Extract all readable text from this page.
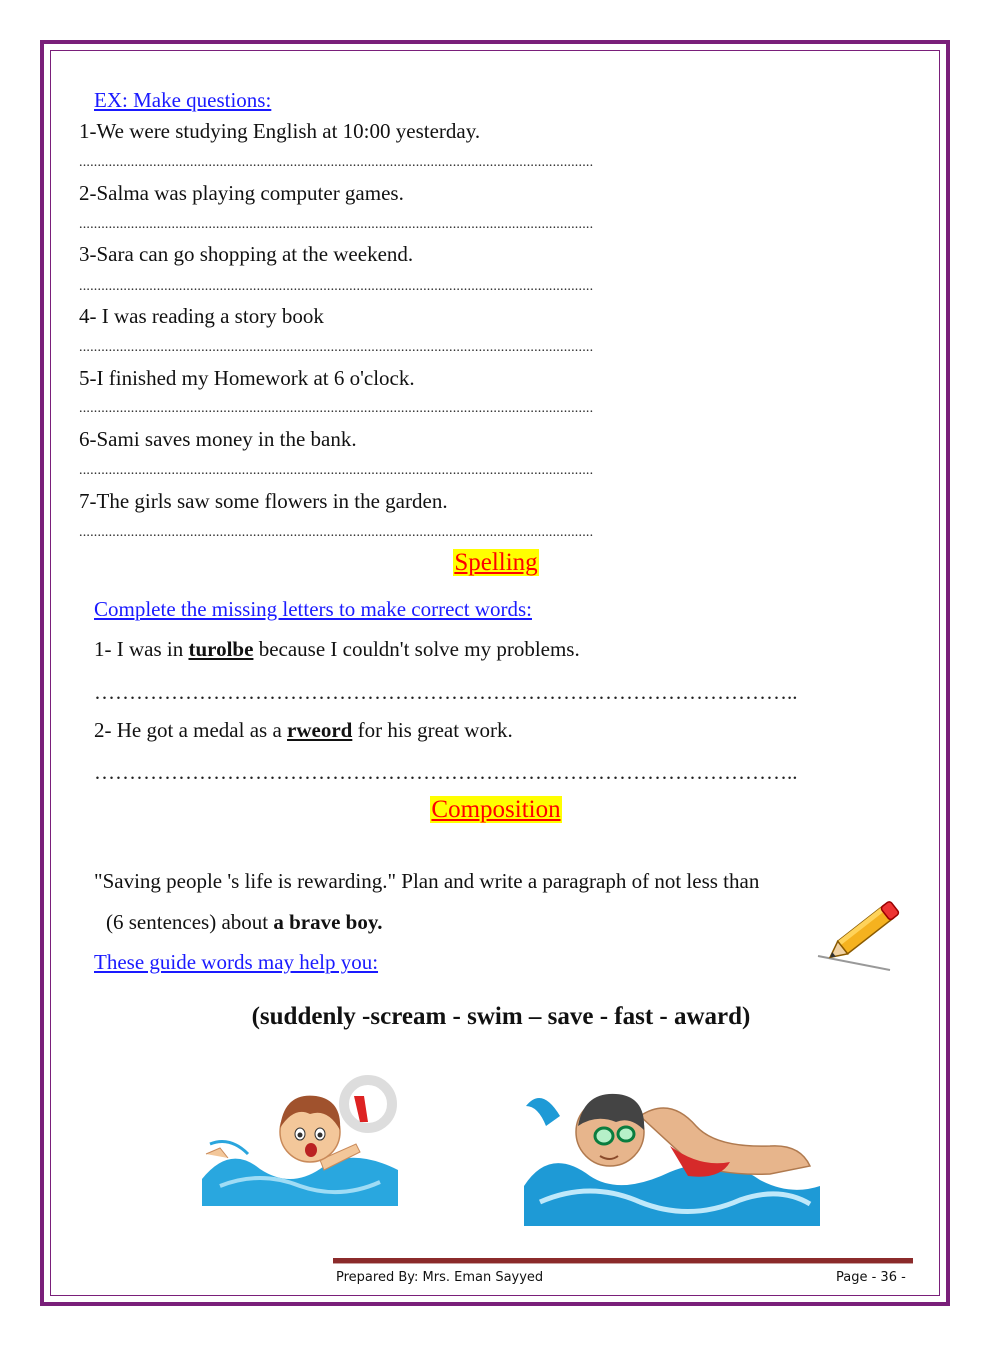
EX: Make questions:
1-We were studying English at 10:00 yesterday.
...........................................................................................................................................
2-Salma was playing computer games.
...........................................................................................................................................
3-Sara can go shopping at the weekend.
...........................................................................................................................................
4- I was reading a story book
...........................................................................................................................................
5-I finished my Homework at 6 o'clock.
...........................................................................................................................................
6-Sami saves money in the bank.
...........................................................................................................................................
7-The girls saw some flowers in the garden.
...........................................................................................................................................
Spelling
Complete the missing letters to make correct words:
1- I was in turolbe because I couldn't solve my problems.
………………………………………………………………………………………..
2- He got a medal as a rweord for his great work.
………………………………………………………………………………………..
Composition
"Saving people 's life is rewarding." Plan and write a paragraph of not less than
(6 sentences) about a brave boy.
These guide words may help you:
(suddenly -scream - swim – save - fast - award)
Prepared By: Mrs. Eman Sayyed	Page - 36 -
